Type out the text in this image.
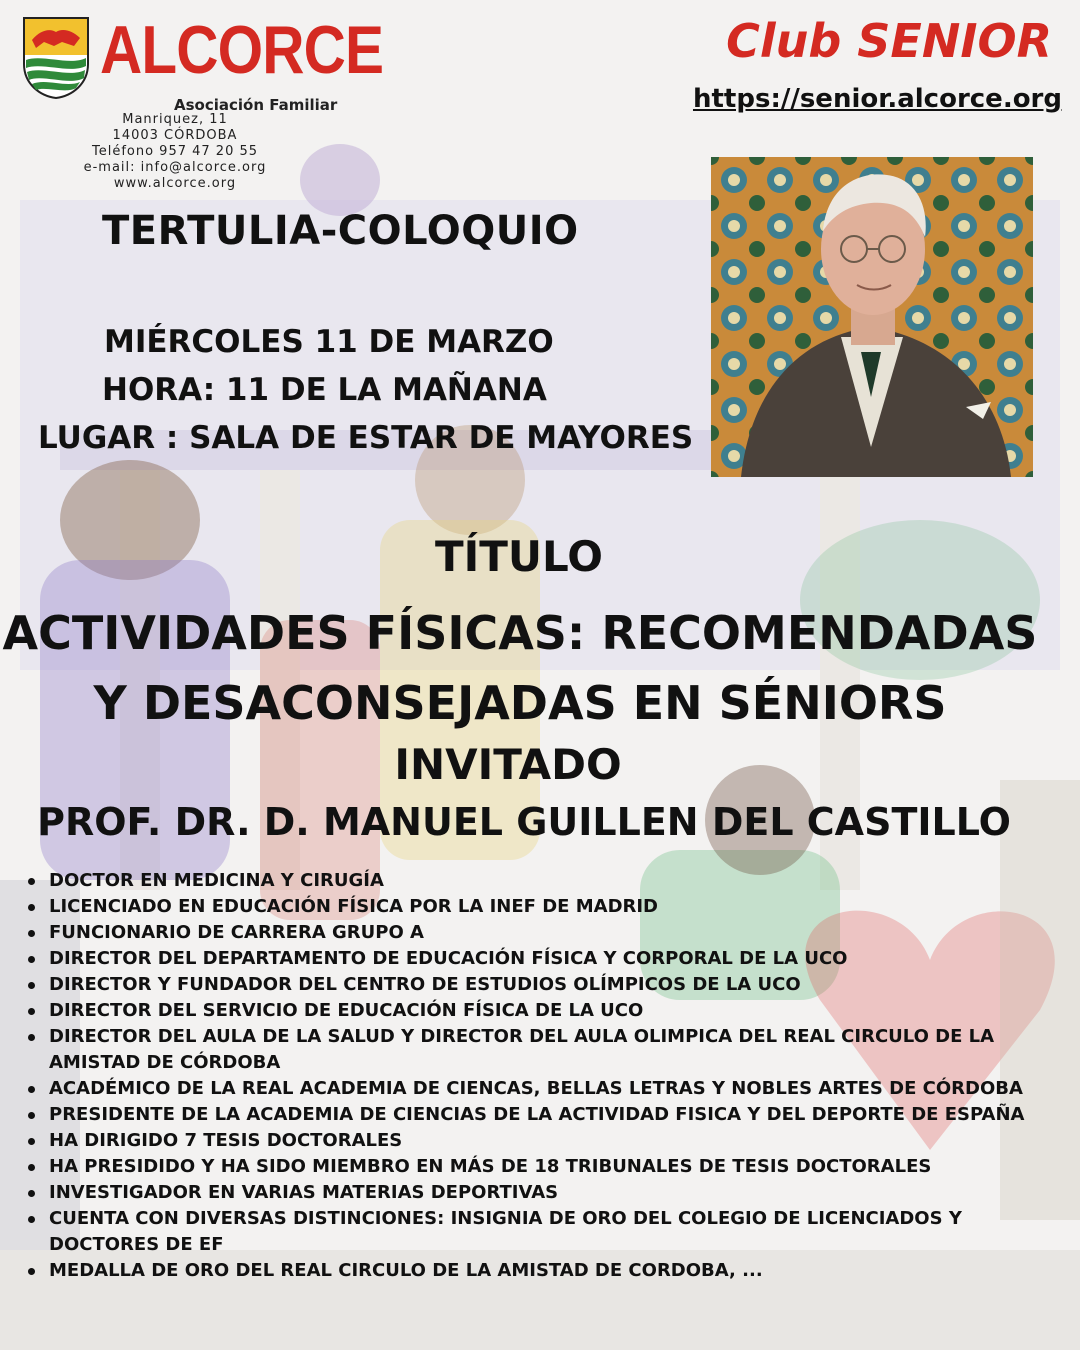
ALCORCE
Asociación Familiar
Manriquez, 11
14003 CÓRDOBA
Teléfono 957 47 20 55
e-mail: info@alcorce.org
www.alcorce.org
Club SENIOR
https://senior.alcorce.org
TERTULIA-COLOQUIO
MIÉRCOLES 11 DE MARZO
HORA: 11 DE LA MAÑANA
LUGAR : SALA DE ESTAR DE MAYORES
TÍTULO
ACTIVIDADES FÍSICAS: RECOMENDADAS
Y DESACONSEJADAS EN SÉNIORS
INVITADO
PROF. DR. D. MANUEL GUILLEN DEL CASTILLO
DOCTOR EN MEDICINA Y CIRUGÍA
LICENCIADO EN EDUCACIÓN FÍSICA POR LA INEF DE MADRID
FUNCIONARIO DE CARRERA GRUPO A
DIRECTOR DEL DEPARTAMENTO DE EDUCACIÓN FÍSICA Y CORPORAL DE LA UCO
DIRECTOR Y FUNDADOR DEL CENTRO DE ESTUDIOS OLÍMPICOS DE LA UCO
DIRECTOR DEL SERVICIO DE EDUCACIÓN FÍSICA DE LA UCO
DIRECTOR DEL AULA DE LA SALUD Y DIRECTOR DEL AULA OLIMPICA DEL REAL CIRCULO DE LA AMISTAD DE CÓRDOBA
ACADÉMICO DE LA REAL ACADEMIA DE CIENCAS, BELLAS LETRAS Y NOBLES ARTES DE CÓRDOBA
PRESIDENTE DE LA ACADEMIA DE CIENCIAS DE LA ACTIVIDAD FISICA Y DEL DEPORTE DE ESPAÑA
HA DIRIGIDO 7 TESIS DOCTORALES
HA PRESIDIDO Y HA SIDO MIEMBRO EN MÁS DE 18 TRIBUNALES DE TESIS DOCTORALES
INVESTIGADOR EN VARIAS MATERIAS DEPORTIVAS
CUENTA CON DIVERSAS DISTINCIONES: INSIGNIA DE ORO DEL COLEGIO DE LICENCIADOS Y DOCTORES DE EF
MEDALLA DE ORO DEL REAL CIRCULO DE LA AMISTAD DE CORDOBA, ...
